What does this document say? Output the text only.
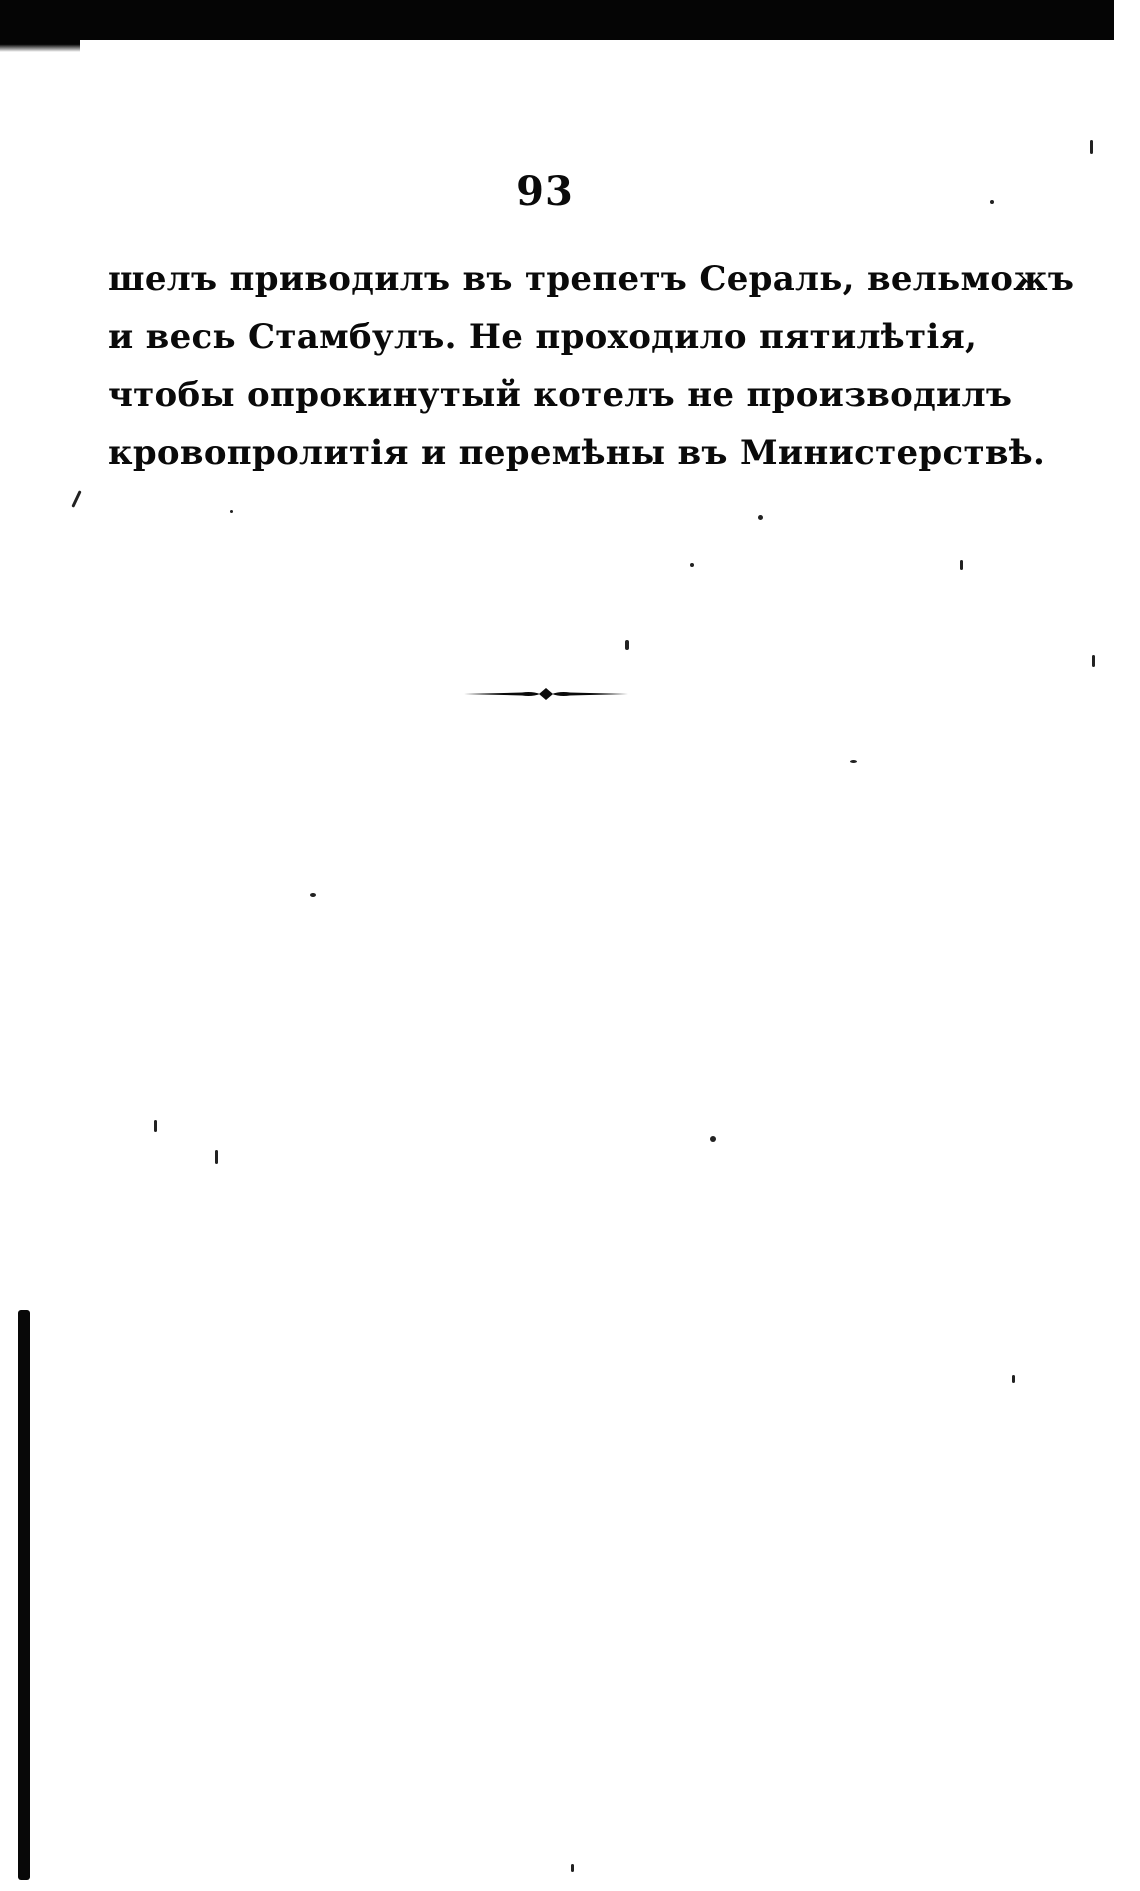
93
шелъ приводилъ въ трепетъ Сераль, вельможъ
и весь Стамбулъ. Не проходило пятилѣтія,
чтобы опрокинутый котелъ не производилъ
кровопролитія и перемѣны въ Министерствѣ.
